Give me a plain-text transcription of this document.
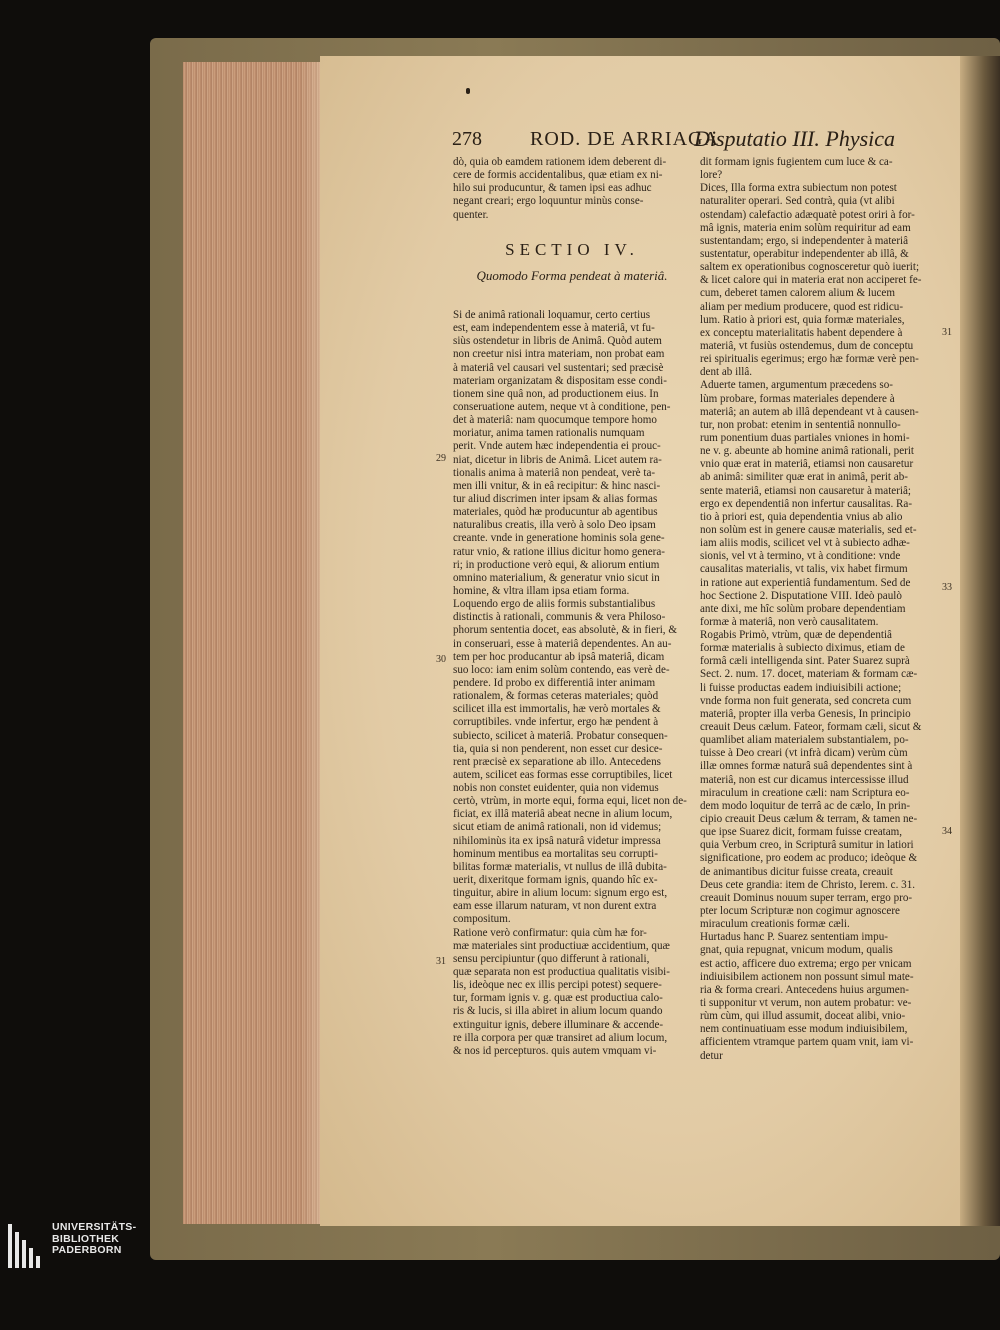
278 ROD. DE ARRIAGA
Disputatio III. Physica
dò, quia ob eamdem rationem idem deberent di-
cere de formis accidentalibus, quæ etiam ex ni-
hilo sui producuntur, & tamen ipsi eas adhuc
negant creari; ergo loquuntur minùs conse-
quenter.
SECTIO IV.
Quomodo Forma pendeat à materiâ.
Si de animâ rationali loquamur, certo certius
est, eam independentem esse à materiâ, vt fu-
siùs ostendetur in libris de Animâ. Quòd autem
non creetur nisi intra materiam, non probat eam
à materiâ vel causari vel sustentari; sed præcisè
materiam organizatam & dispositam esse condi-
tionem sine quâ non, ad productionem eius. In
conseruatione autem, neque vt à conditione, pen-
det à materiâ: nam quocumque tempore homo
moriatur, anima tamen rationalis numquam
perit. Vnde autem hæc independentia ei prouc-
niat, dicetur in libris de Animâ. Licet autem ra-
tionalis anima à materiâ non pendeat, verè ta-
men illi vnitur, & in eâ recipitur: & hinc nasci-
tur aliud discrimen inter ipsam & alias formas
materiales, quòd hæ producuntur ab agentibus
naturalibus creatis, illa verò à solo Deo ipsam
creante. vnde in generatione hominis sola gene-
ratur vnio, & ratione illius dicitur homo genera-
ri; in productione verò equi, & aliorum entium
omnino materialium, & generatur vnio sicut in
homine, & vltra illam ipsa etiam forma.
Loquendo ergo de aliis formis substantialibus
distinctis à rationali, communis & vera Philoso-
phorum sententia docet, eas absolutè, & in fieri, &
in conseruari, esse à materiâ dependentes. An au-
tem per hoc producantur ab ipsâ materiâ, dicam
suo loco: iam enim solùm contendo, eas verè de-
pendere. Id probo ex differentiâ inter animam
rationalem, & formas ceteras materiales; quòd
scilicet illa est immortalis, hæ verò mortales &
corruptibiles. vnde infertur, ergo hæ pendent à
subiecto, scilicet à materiâ. Probatur consequen-
tia, quia si non penderent, non esset cur desice-
rent præcisè ex separatione ab illo. Antecedens
autem, scilicet eas formas esse corruptibiles, licet
nobis non constet euidenter, quia non videmus
certò, vtrùm, in morte equi, forma equi, licet non de-
ficiat, ex illâ materiâ abeat necne in alium locum,
sicut etiam de animâ rationali, non id videmus;
nihilominùs ita ex ipsâ naturâ videtur impressa
hominum mentibus ea mortalitas seu corrupti-
bilitas formæ materialis, vt nullus de illâ dubita-
uerit, dixeritque formam ignis, quando hîc ex-
tinguitur, abire in alium locum: signum ergo est,
eam esse illarum naturam, vt non durent extra
compositum.
Ratione verò confirmatur: quia cùm hæ for-
mæ materiales sint productiuæ accidentium, quæ
sensu percipiuntur (quo differunt à rationali,
quæ separata non est productiua qualitatis visibi-
lis, ideòque nec ex illis percipi potest) sequere-
tur, formam ignis v. g. quæ est productiua calo-
ris & lucis, si illa abiret in alium locum quando
extinguitur ignis, debere illuminare & accende-
re illa corpora per quæ transiret ad alium locum,
& nos id percepturos. quis autem vmquam vi-
dit formam ignis fugientem cum luce & ca-
lore?
Dices, Illa forma extra subiectum non potest
naturaliter operari. Sed contrà, quia (vt alibi
ostendam) calefactio adæquatè potest oriri à for-
mâ ignis, materia enim solùm requiritur ad eam
sustentandam; ergo, si independenter à materiâ
sustentatur, operabitur independenter ab illâ, &
saltem ex operationibus cognosceretur quò iuerit;
& licet calore qui in materia erat non acciperet fe-
cum, deberet tamen calorem alium & lucem
aliam per medium producere, quod est ridicu-
lum. Ratio à priori est, quia formæ materiales,
ex conceptu materialitatis habent dependere à
materiâ, vt fusiùs ostendemus, dum de conceptu
rei spiritualis egerimus; ergo hæ formæ verè pen-
dent ab illâ.
Aduerte tamen, argumentum præcedens so-
lùm probare, formas materiales dependere à
materiâ; an autem ab illâ dependeant vt à causen-
tur, non probat: etenim in sententiâ nonnullo-
rum ponentium duas partiales vniones in homi-
ne v. g. abeunte ab homine animâ rationali, perit
vnio quæ erat in materiâ, etiamsi non causaretur
ab animâ: similiter quæ erat in animâ, perit ab-
sente materiâ, etiamsi non causaretur à materiâ;
ergo ex dependentiâ non infertur causalitas. Ra-
tio à priori est, quia dependentia vnius ab alio
non solùm est in genere causæ materialis, sed et-
iam aliis modis, scilicet vel vt à subiecto adhæ-
sionis, vel vt à termino, vt à conditione: vnde
causalitas materialis, vt talis, vix habet firmum
in ratione aut experientiâ fundamentum. Sed de
hoc Sectione 2. Disputatione VIII. Ideò paulò
ante dixi, me hîc solùm probare dependentiam
formæ à materiâ, non verò causalitatem.
Rogabis Primò, vtrùm, quæ de dependentiâ
formæ materialis à subiecto diximus, etiam de
formâ cæli intelligenda sint. Pater Suarez suprà
Sect. 2. num. 17. docet, materiam & formam cæ-
li fuisse productas eadem indiuisibili actione;
vnde forma non fuit generata, sed concreta cum
materiâ, propter illa verba Genesis, In principio
creauit Deus cælum. Fateor, formam cæli, sicut &
quamlibet aliam materialem substantialem, po-
tuisse à Deo creari (vt infrà dicam) verùm cùm
illæ omnes formæ naturâ suâ dependentes sint à
materiâ, non est cur dicamus intercessisse illud
miraculum in creatione cæli: nam Scriptura eo-
dem modo loquitur de terrâ ac de cælo, In prin-
cipio creauit Deus cælum & terram, & tamen ne-
que ipse Suarez dicit, formam fuisse creatam,
quia Verbum creo, in Scripturâ sumitur in latiori
significatione, pro eodem ac produco; ideòque &
de animantibus dicitur fuisse creata, creauit
Deus cete grandia: item de Christo, Ierem. c. 31.
creauit Dominus nouum super terram, ergo pro-
pter locum Scripturæ non cogimur agnoscere
miraculum creationis formæ cæli.
Hurtadus hanc P. Suarez sententiam impu-
gnat, quia repugnat, vnicum modum, qualis
est actio, afficere duo extrema; ergo per vnicam
indiuisibilem actionem non possunt simul mate-
ria & forma creari. Antecedens huius argumen-
ti supponitur vt verum, non autem probatur: ve-
rùm cùm, qui illud assumit, doceat alibi, vnio-
nem continuatiuam esse modum indiuisibilem,
afficientem vtramque partem quam vnit, iam vi-
detur
29
30
31
31
33
34
UNIVERSITÄTS-
BIBLIOTHEK
PADERBORN
